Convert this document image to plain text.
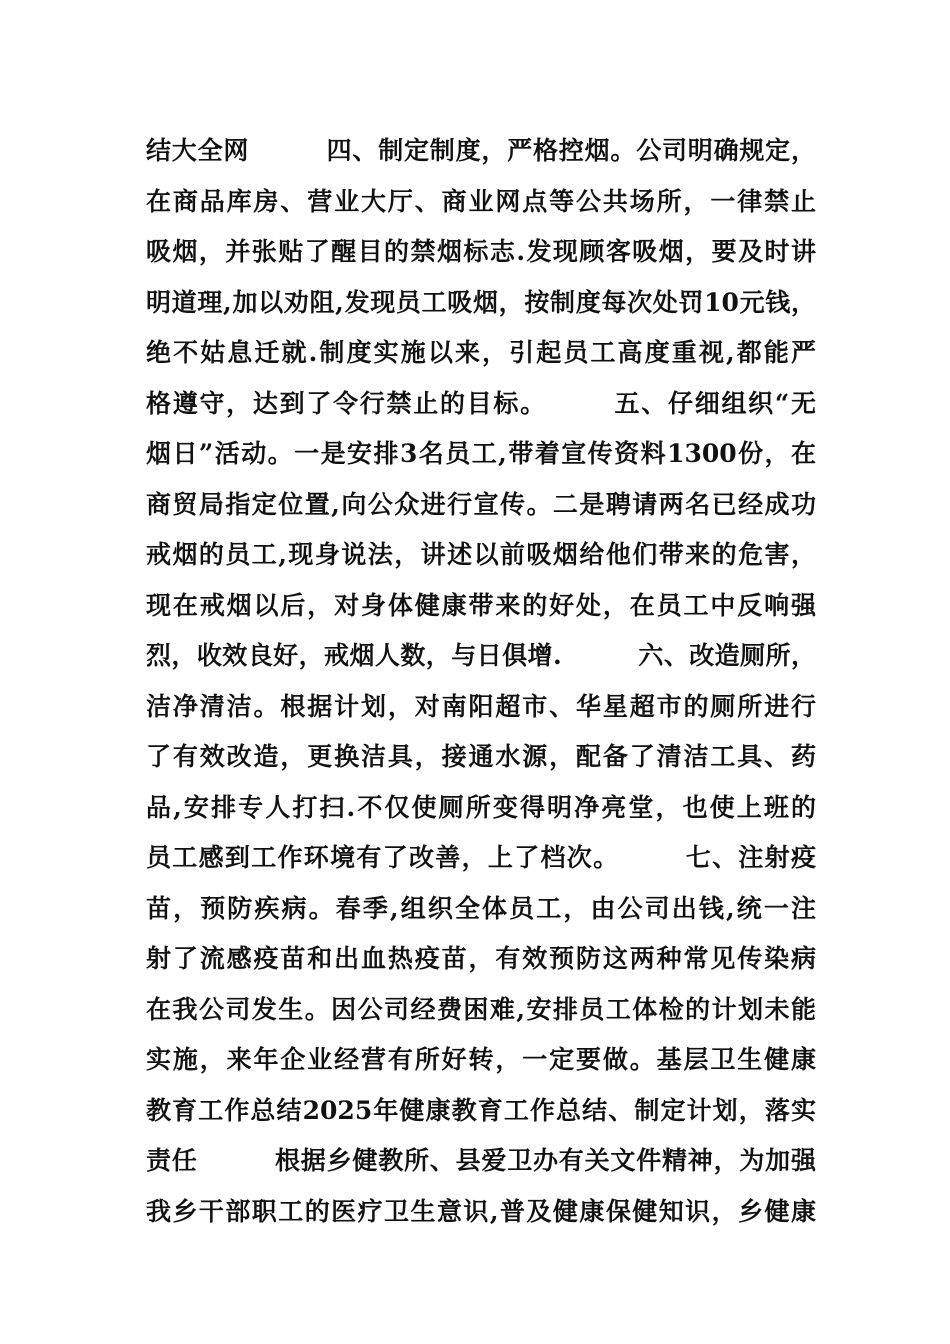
结大全网　　　四、制定制度，严格控烟。公司明确规定，
在商品库房、营业大厅、商业网点等公共场所，一律禁止
吸烟，并张贴了醒目的禁烟标志.发现顾客吸烟，要及时讲
明道理,加以劝阻,发现员工吸烟，按制度每次处罚10元钱，
绝不姑息迁就.制度实施以来，引起员工高度重视,都能严
格遵守，达到了令行禁止的目标。　　　五、仔细组织“无
烟日”活动。一是安排3名员工,带着宣传资料1300份，在
商贸局指定位置,向公众进行宣传。二是聘请两名已经成功
戒烟的员工,现身说法，讲述以前吸烟给他们带来的危害，
现在戒烟以后，对身体健康带来的好处，在员工中反响强
烈，收效良好，戒烟人数，与日俱增.　　　六、改造厕所，
洁净清洁。根据计划，对南阳超市、华星超市的厕所进行
了有效改造，更换洁具，接通水源，配备了清洁工具、药
品,安排专人打扫.不仅使厕所变得明净亮堂，也使上班的
员工感到工作环境有了改善，上了档次。　　　七、注射疫
苗，预防疾病。春季,组织全体员工，由公司出钱,统一注
射了流感疫苗和出血热疫苗，有效预防这两种常见传染病
在我公司发生。因公司经费困难,安排员工体检的计划未能
实施，来年企业经营有所好转，一定要做。基层卫生健康
教育工作总结2025年健康教育工作总结、制定计划，落实
责任　　　根据乡健教所、县爱卫办有关文件精神，为加强
我乡干部职工的医疗卫生意识,普及健康保健知识，乡健康
